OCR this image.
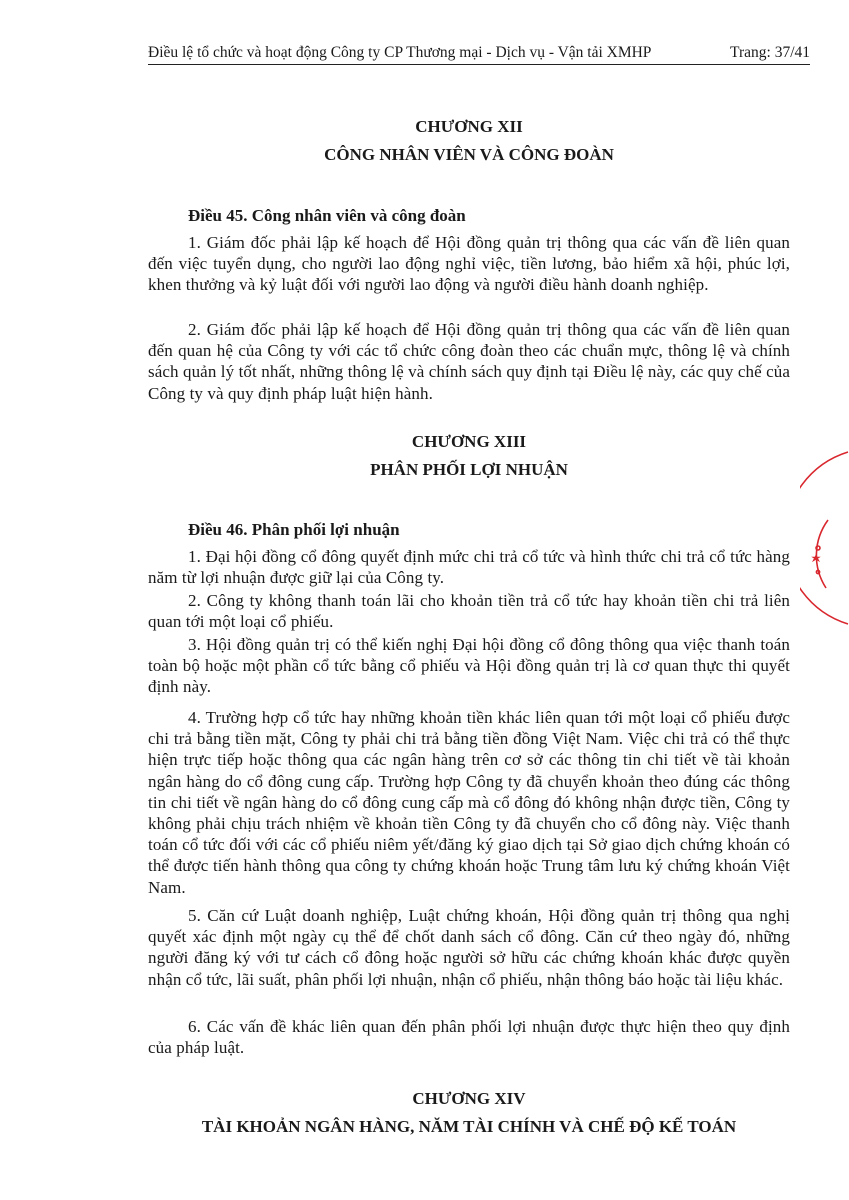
Điều lệ tổ chức và hoạt động Công ty CP Thương mại - Dịch vụ - Vận tải XMHP	Trang: 37/41
CHƯƠNG XII
CÔNG NHÂN VIÊN VÀ CÔNG ĐOÀN
Điều 45. Công nhân viên và công đoàn
1. Giám đốc phải lập kế hoạch để Hội đồng quản trị thông qua các vấn đề liên quan đến việc tuyển dụng, cho người lao động nghỉ việc, tiền lương, bảo hiểm xã hội, phúc lợi, khen thưởng và kỷ luật đối với người lao động và người điều hành doanh nghiệp.
2. Giám đốc phải lập kế hoạch để Hội đồng quản trị thông qua các vấn đề liên quan đến quan hệ của Công ty với các tổ chức công đoàn theo các chuẩn mực, thông lệ và chính sách quản lý tốt nhất, những thông lệ và chính sách quy định tại Điều lệ này, các quy chế của Công ty và quy định pháp luật hiện hành.
CHƯƠNG XIII
PHÂN PHỐI LỢI NHUẬN
Điều 46. Phân phối lợi nhuận
1. Đại hội đồng cổ đông quyết định mức chi trả cổ tức và hình thức chi trả cổ tức hàng năm từ lợi nhuận được giữ lại của Công ty.
2. Công ty không thanh toán lãi cho khoản tiền trả cổ tức hay khoản tiền chi trả liên quan tới một loại cổ phiếu.
3. Hội đồng quản trị có thể kiến nghị Đại hội đồng cổ đông thông qua việc thanh toán toàn bộ hoặc một phần cổ tức bằng cổ phiếu và Hội đồng quản trị là cơ quan thực thi quyết định này.
4. Trường hợp cổ tức hay những khoản tiền khác liên quan tới một loại cổ phiếu được chi trả bằng tiền mặt, Công ty phải chi trả bằng tiền đồng Việt Nam. Việc chi trả có thể thực hiện trực tiếp hoặc thông qua các ngân hàng trên cơ sở các thông tin chi tiết về tài khoản ngân hàng do cổ đông cung cấp. Trường hợp Công ty đã chuyển khoản theo đúng các thông tin chi tiết về ngân hàng do cổ đông cung cấp mà cổ đông đó không nhận được tiền, Công ty không phải chịu trách nhiệm về khoản tiền Công ty đã chuyển cho cổ đông này. Việc thanh toán cổ tức đối với các cổ phiếu niêm yết/đăng ký giao dịch tại Sở giao dịch chứng khoán có thể được tiến hành thông qua công ty chứng khoán hoặc Trung tâm lưu ký chứng khoán Việt Nam.
5. Căn cứ Luật doanh nghiệp, Luật chứng khoán, Hội đồng quản trị thông qua nghị quyết xác định một ngày cụ thể để chốt danh sách cổ đông. Căn cứ theo ngày đó, những người đăng ký với tư cách cổ đông hoặc người sở hữu các chứng khoán khác được quyền nhận cổ tức, lãi suất, phân phối lợi nhuận, nhận cổ phiếu, nhận thông báo hoặc tài liệu khác.
6. Các vấn đề khác liên quan đến phân phối lợi nhuận được thực hiện theo quy định của pháp luật.
CHƯƠNG XIV
TÀI KHOẢN NGÂN HÀNG, NĂM TÀI CHÍNH VÀ CHẾ ĐỘ KẾ TOÁN
